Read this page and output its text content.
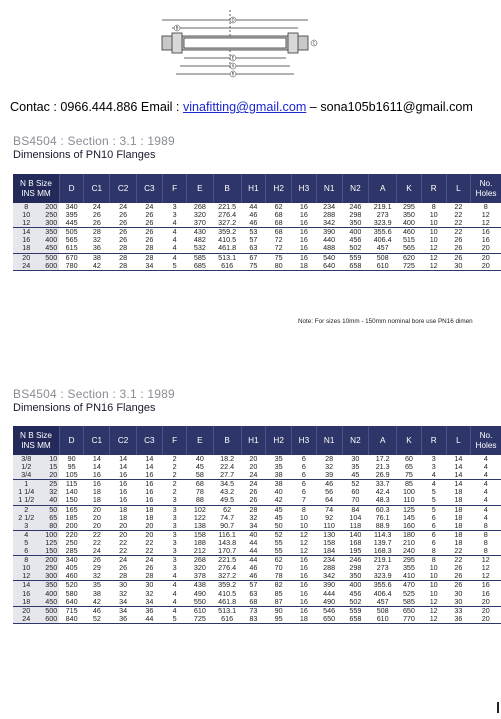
D
B
E
A
R
C
Contac : 0966.444.886 Email : vinafitting@gmail.com – sona105b1611@gmail.com
BS4504 : Section : 3.1 : 1989
Dimensions of PN10 Flanges
N B Size
INS MM	D	C1	C2	C3	F	E	B	H1	H2	H3	N1	N2	A	K	R	L	No.
Holes
8 200	340	24	24	24	3	268	221.5	44	62	16	234	246	219.1	295	8	22	8
10 250	395	26	26	26	3	320	276.4	46	68	16	288	298	273	350	10	22	12
12 300	445	26	26	26	4	370	327.2	46	68	16	342	350	323.9	400	10	22	12
14 350	505	28	26	26	4	430	359.2	53	68	16	390	400	355.6	460	10	22	16
16 400	565	32	26	26	4	482	410.5	57	72	16	440	456	406.4	515	10	26	16
18 450	615	36	28	28	4	532	461.8	63	72	16	488	502	457	565	12	26	20
20 500	670	38	28	28	4	585	513.1	67	75	16	540	559	508	620	12	26	20
24 600	780	42	28	34	5	685	616	75	80	18	640	658	610	725	12	30	20
Note: For sizes 10mm - 150mm nominal bore use PN16 dimen
BS4504 : Section : 3.1 : 1989
Dimensions of PN16 Flanges
N B Size
INS MM	D	C1	C2	C3	F	E	B	H1	H2	H3	N1	N2	A	K	R	L	No.
Holes
3/8 10	90	14	14	14	2	40	18.2	20	35	6	28	30	17.2	60	3	14	4
1/2 15	95	14	14	14	2	45	22.4	20	35	6	32	35	21.3	65	3	14	4
3/4 20	105	16	16	16	2	58	27.7	24	38	6	39	45	26.9	75	4	14	4
1 25	115	16	16	16	2	68	34.5	24	38	6	46	52	33.7	85	4	14	4
1 1/4 32	140	18	16	16	2	78	43.2	26	40	6	56	60	42.4	100	5	18	4
1 1/2 40	150	18	16	16	3	88	49.5	26	42	7	64	70	48.3	110	5	18	4
2 50	165	20	18	18	3	102	62	28	45	8	74	84	60.3	125	5	18	4
2 1/2 65	185	20	18	18	3	122	74.7	32	45	10	92	104	76.1	145	6	18	4
3 80	200	20	20	20	3	138	90.7	34	50	10	110	118	88.9	160	6	18	8
4 100	220	22	20	20	3	158	116.1	40	52	12	130	140	114.3	180	6	18	8
5 125	250	22	22	22	3	188	143.8	44	55	12	158	168	139.7	210	6	18	8
6 150	285	24	22	22	3	212	170.7	44	55	12	184	195	168.3	240	8	22	8
8 200	340	26	24	24	3	268	221.5	44	62	16	234	246	219.1	295	8	22	12
10 250	405	29	26	26	3	320	276.4	46	70	16	288	298	273	355	10	26	12
12 300	460	32	28	28	4	378	327.2	46	78	16	342	350	323.9	410	10	26	12
14 350	520	35	30	30	4	438	359.2	57	82	16	390	400	355.6	470	10	26	16
16 400	580	38	32	32	4	490	410.5	63	85	16	444	456	406.4	525	10	30	16
18 450	640	42	34	34	4	550	461.8	68	87	16	490	502	457	585	12	30	20
20 500	715	46	34	36	4	610	513.1	73	90	16	546	559	508	650	12	33	20
24 600	840	52	36	44	5	725	616	83	95	18	650	658	610	770	12	36	20
